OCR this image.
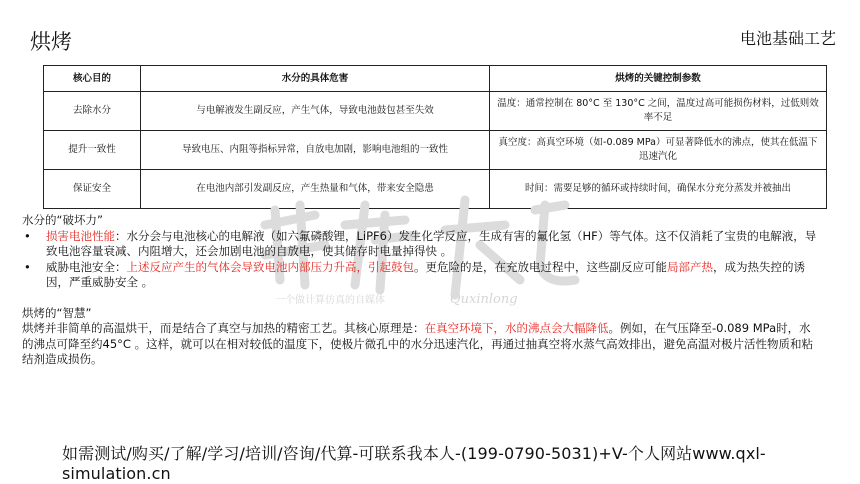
烘烤	电池基础工艺
核心目的	水分的具体危害	烘烤的关键控制参数
去除水分	与电解液发生副反应，产生气体，导致电池鼓包甚至失效	温度：通常控制在 80°C 至 130°C 之间，温度过高可能损伤材料，过低则效率不足
提升一致性	导致电压、内阻等指标异常，自放电加剧，影响电池组的一致性	真空度：高真空环境（如-0.089 MPa）可显著降低水的沸点，使其在低温下迅速汽化
保证安全	在电池内部引发副反应，产生热量和气体，带来安全隐患	时间：需要足够的循环或持续时间，确保水分充分蒸发并被抽出
一个做计算仿真的自媒体	Quxinlong

水分的“破坏力”

• 损害电池性能：水分会与电池核心的电解液（如六氟磷酸锂，LiPF6）发生化学反应，生成有害的氟化氢（HF）等气体。这不仅消耗了宝贵的电解液，导致电池容量衰减、内阻增大，还会加剧电池的自放电，使其储存时电量掉得快 。
• 威胁电池安全：上述反应产生的气体会导致电池内部压力升高，引起鼓包。更危险的是，在充放电过程中，这些副反应可能局部产热，成为热失控的诱因，严重威胁安全 。

烘烤的“智慧”

烘烤并非简单的高温烘干，而是结合了真空与加热的精密工艺。其核心原理是：在真空环境下，水的沸点会大幅降低。例如，在气压降至-0.089 MPa时，水的沸点可降至约45°C 。这样，就可以在相对较低的温度下，使极片微孔中的水分迅速汽化，再通过抽真空将水蒸气高效排出，避免高温对极片活性物质和粘结剂造成损伤。

如需测试/购买/了解/学习/培训/咨询/代算-可联系我本人-(199-0790-5031)+V-个人网站www.qxl-simulation.cn
